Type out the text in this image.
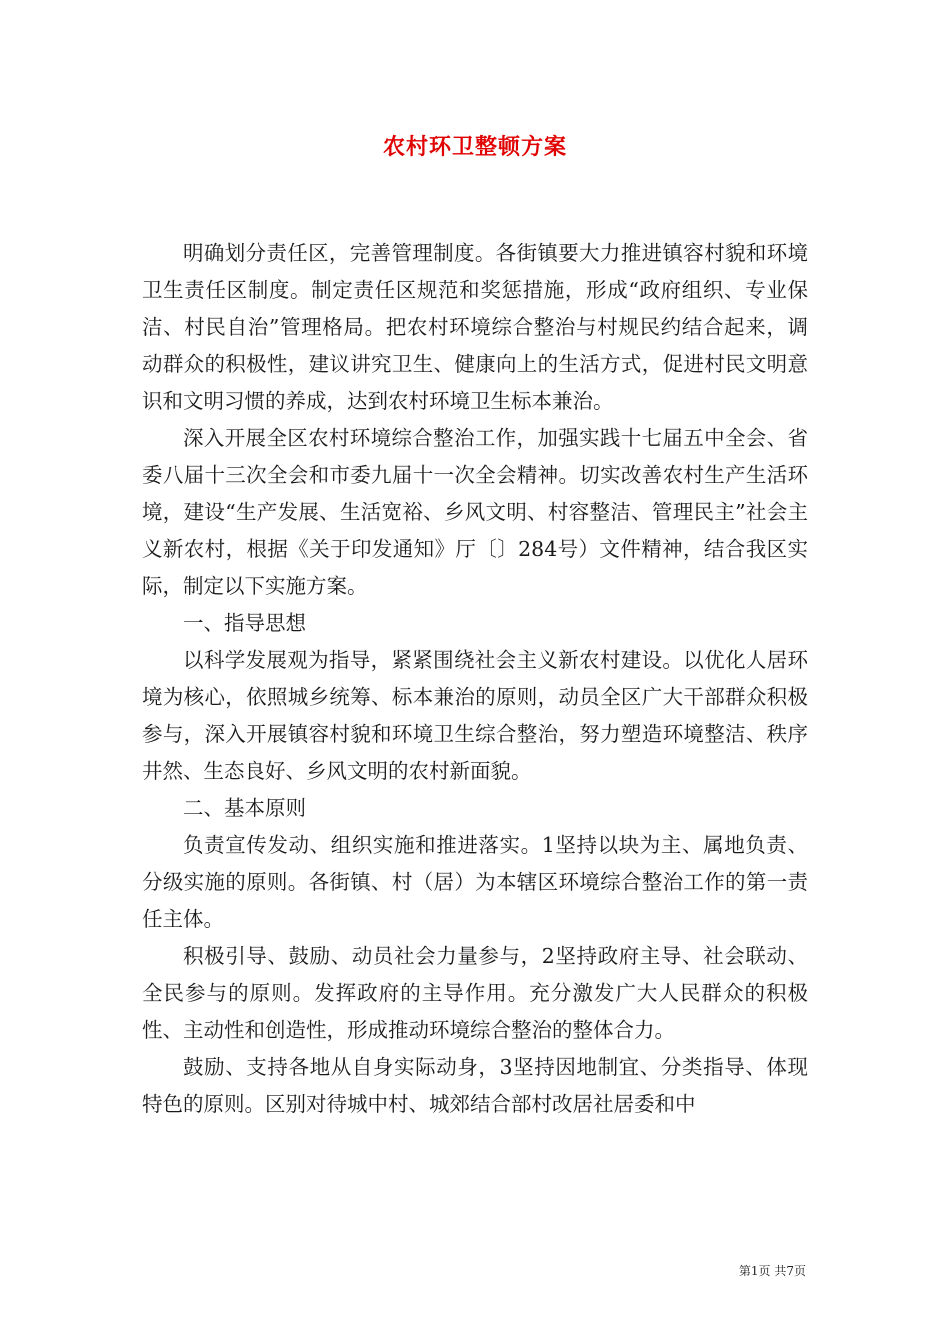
农村环卫整顿方案

明确划分责任区，完善管理制度。各街镇要大力推进镇容村貌和环境卫生责任区制度。制定责任区规范和奖惩措施，形成“政府组织、专业保洁、村民自治”管理格局。把农村环境综合整治与村规民约结合起来，调动群众的积极性，建议讲究卫生、健康向上的生活方式，促进村民文明意识和文明习惯的养成，达到农村环境卫生标本兼治。

深入开展全区农村环境综合整治工作，加强实践十七届五中全会、省委八届十三次全会和市委九届十一次全会精神。切实改善农村生产生活环境，建设“生产发展、生活宽裕、乡风文明、村容整洁、管理民主”社会主义新农村，根据《关于印发通知》厅〔〕284号）文件精神，结合我区实际，制定以下实施方案。

一、指导思想

以科学发展观为指导，紧紧围绕社会主义新农村建设。以优化人居环境为核心，依照城乡统筹、标本兼治的原则，动员全区广大干部群众积极参与，深入开展镇容村貌和环境卫生综合整治，努力塑造环境整洁、秩序井然、生态良好、乡风文明的农村新面貌。

二、基本原则

负责宣传发动、组织实施和推进落实。1坚持以块为主、属地负责、分级实施的原则。各街镇、村（居）为本辖区环境综合整治工作的第一责任主体。

积极引导、鼓励、动员社会力量参与，2坚持政府主导、社会联动、全民参与的原则。发挥政府的主导作用。充分激发广大人民群众的积极性、主动性和创造性，形成推动环境综合整治的整体合力。

鼓励、支持各地从自身实际动身，3坚持因地制宜、分类指导、体现特色的原则。区别对待城中村、城郊结合部村改居社居委和中

第1页 共7页
